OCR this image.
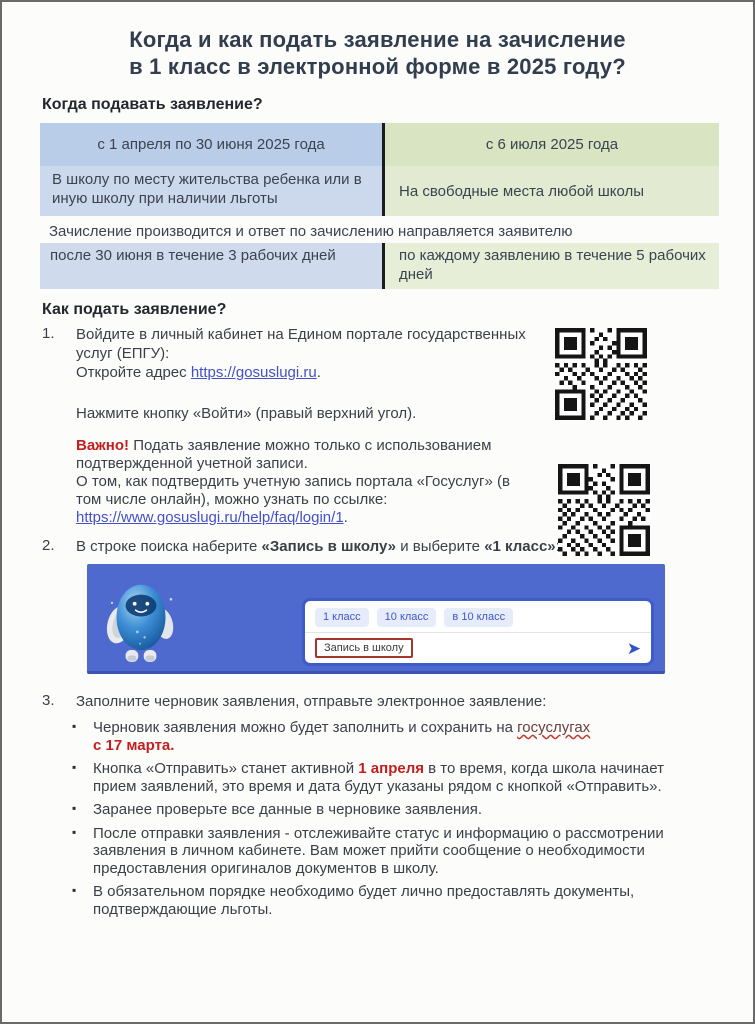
Когда и как подать заявление на зачисление
в 1 класс в электронной форме в 2025 году?
Когда подавать заявление?
с 1 апреля по 30 июня 2025 года	с 6 июля 2025 года
В школу по месту жительства ребенка или в иную школу при наличии льготы	На свободные места любой школы
Зачисление производится и ответ по зачислению направляется заявителю
после 30 июня в течение 3 рабочих дней	по каждому заявлению в течение 5 рабочих дней
Как подать заявление?
1.	Войдите в личный кабинет на Едином портале государственных услуг (ЕПГУ):
Откройте адрес https://gosuslugi.ru.
Нажмите кнопку «Войти» (правый верхний угол).
Важно! Подать заявление можно только с использованием подтвержденной учетной записи.
О том, как подтвердить учетную запись портала «Госуслуг» (в том числе онлайн), можно узнать по ссылке:
https://www.gosuslugi.ru/help/faq/login/1.
2.	В строке поиска наберите «Запись в школу» и выберите «1 класс»:
1 класс	10 класс	в 10 класс
Запись в школу	➤
3.	Заполните черновик заявления, отправьте электронное заявление:
▪ Черновик заявления можно будет заполнить и сохранить на госуслугах
с 17 марта.
▪ Кнопка «Отправить» станет активной 1 апреля в то время, когда школа начинает прием заявлений, это время и дата будут указаны рядом с кнопкой «Отправить».
▪ Заранее проверьте все данные в черновике заявления.
▪ После отправки заявления - отслеживайте статус и информацию о рассмотрении заявления в личном кабинете. Вам может прийти сообщение о необходимости предоставления оригиналов документов в школу.
▪ В обязательном порядке необходимо будет лично предоставлять документы, подтверждающие льготы.
